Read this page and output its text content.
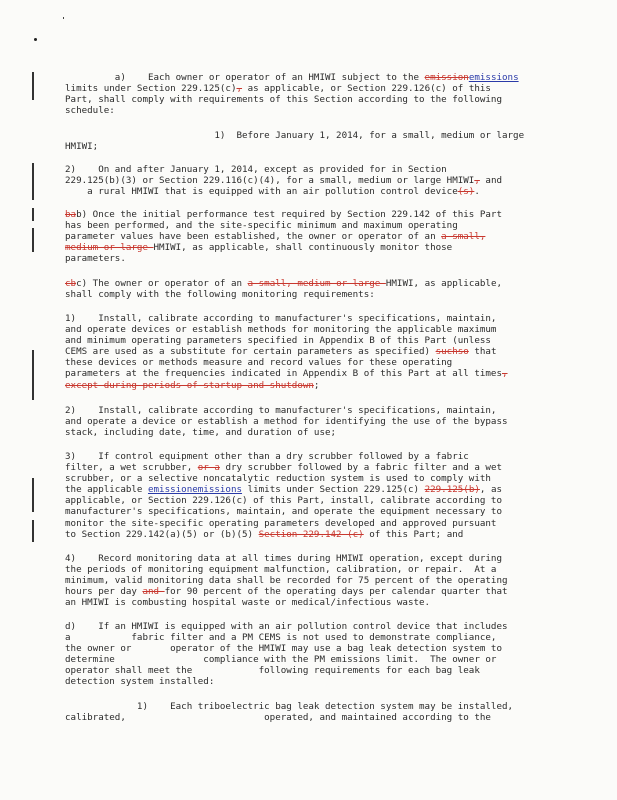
a)    Each owner or operator of an HMIWI subject to the emissionemissions
limits under Section 229.125(c), as applicable, or Section 229.126(c) of this
Part, shall comply with requirements of this Section according to the following
schedule:
1)  Before January 1, 2014, for a small, medium or large
HMIWI;
2)    On and after January 1, 2014, except as provided for in Section
229.125(b)(3) or Section 229.116(c)(4), for a small, medium or large HMIWI, and
a rural HMIWI that is equipped with an air pollution control device(s).
bab) Once the initial performance test required by Section 229.142 of this Part
has been performed, and the site-specific minimum and maximum operating
parameter values have been established, the owner or operator of an a small,
medium or large HMIWI, as applicable, shall continuously monitor those
parameters.
cbc) The owner or operator of an a small, medium or large HMIWI, as applicable,
shall comply with the following monitoring requirements:
1)    Install, calibrate according to manufacturer's specifications, maintain,
and operate devices or establish methods for monitoring the applicable maximum
and minimum operating parameters specified in Appendix B of this Part (unless
CEMS are used as a substitute for certain parameters as specified) suchso that
these devices or methods measure and record values for these operating
parameters at the frequencies indicated in Appendix B of this Part at all times,
except during periods of startup and shutdown;
2)    Install, calibrate according to manufacturer's specifications, maintain,
and operate a device or establish a method for identifying the use of the bypass
stack, including date, time, and duration of use;
3)    If control equipment other than a dry scrubber followed by a fabric
filter, a wet scrubber, or a dry scrubber followed by a fabric filter and a wet
scrubber, or a selective noncatalytic reduction system is used to comply with
the applicable emissionemissions limits under Section 229.125(c) 229.125(b), as
applicable, or Section 229.126(c) of this Part, install, calibrate according to
manufacturer's specifications, maintain, and operate the equipment necessary to
monitor the site-specific operating parameters developed and approved pursuant
to Section 229.142(a)(5) or (b)(5) Section 229.142 (c) of this Part; and
4)    Record monitoring data at all times during HMIWI operation, except during
the periods of monitoring equipment malfunction, calibration, or repair.  At a
minimum, valid monitoring data shall be recorded for 75 percent of the operating
hours per day and for 90 percent of the operating days per calendar quarter that
an HMIWI is combusting hospital waste or medical/infectious waste.
d)    If an HMIWI is equipped with an air pollution control device that includes
a           fabric filter and a PM CEMS is not used to demonstrate compliance,
the owner or       operator of the HMIWI may use a bag leak detection system to
determine                compliance with the PM emissions limit.  The owner or
operator shall meet the            following requirements for each bag leak
detection system installed:
1)    Each triboelectric bag leak detection system may be installed,
calibrated,                         operated, and maintained according to the
